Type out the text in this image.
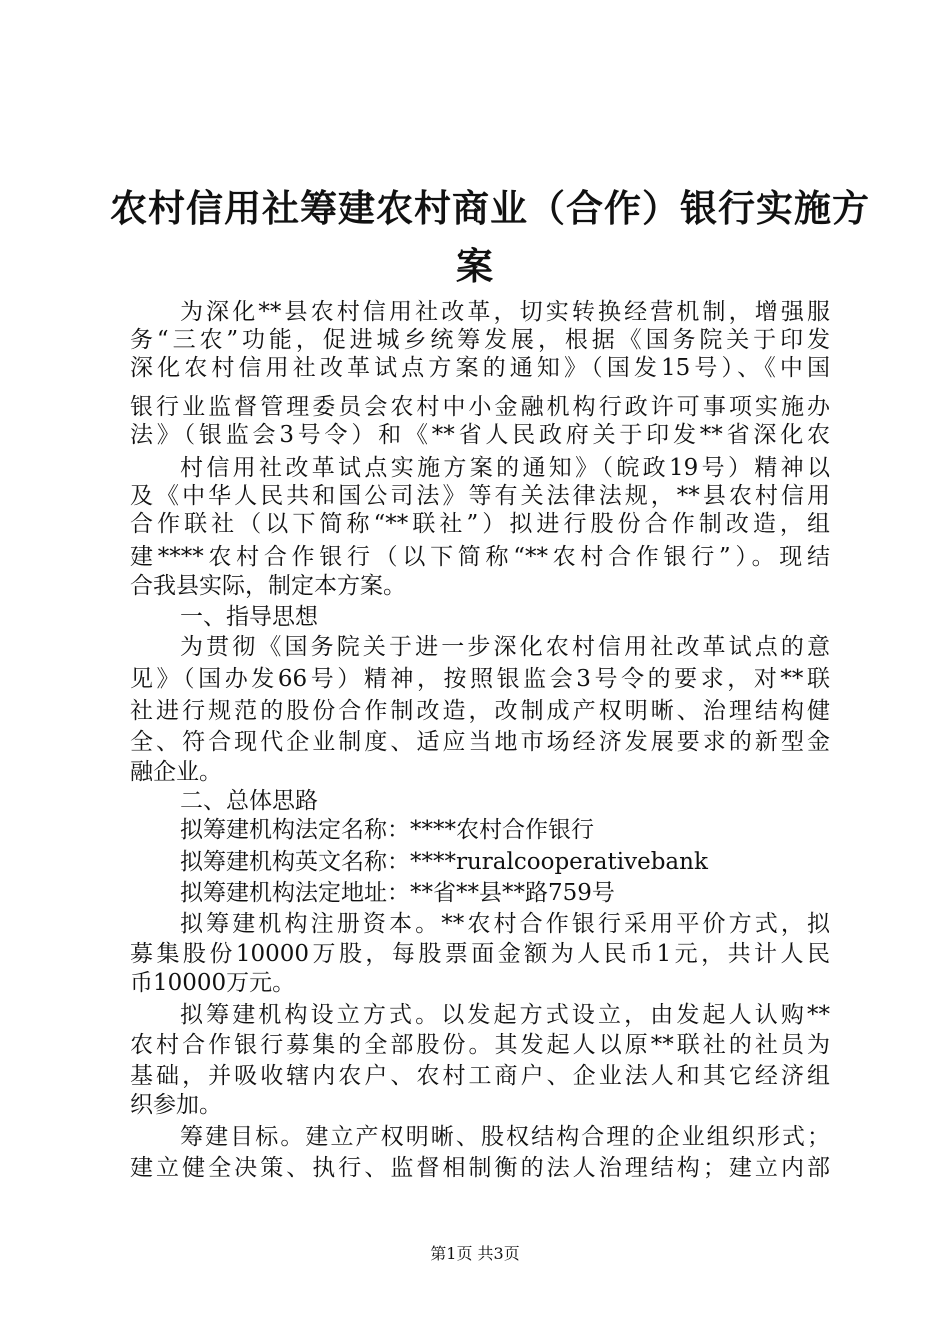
农村信用社筹建农村商业（合作）银行实施方
案
为深化**县农村信用社改革，切实转换经营机制，增强服
务“三农”功能，促进城乡统筹发展，根据《国务院关于印发
深化农村信用社改革试点方案的通知》（国发15号）、《中国
银行业监督管理委员会农村中小金融机构行政许可事项实施办
法》（银监会3号令）和《**省人民政府关于印发**省深化农
村信用社改革试点实施方案的通知》（皖政19号）精神以
及《中华人民共和国公司法》等有关法律法规，**县农村信用
合作联社（以下简称“**联社”）拟进行股份合作制改造，组
建****农村合作银行（以下简称“**农村合作银行”）。现结
合我县实际，制定本方案。
一、指导思想
为贯彻《国务院关于进一步深化农村信用社改革试点的意
见》（国办发66号）精神，按照银监会3号令的要求，对**联
社进行规范的股份合作制改造，改制成产权明晰、治理结构健
全、符合现代企业制度、适应当地市场经济发展要求的新型金
融企业。
二、总体思路
拟筹建机构法定名称：****农村合作银行
拟筹建机构英文名称：****ruralcooperativebank
拟筹建机构法定地址：**省**县**路759号
拟筹建机构注册资本。**农村合作银行采用平价方式，拟
募集股份10000万股，每股票面金额为人民币1元，共计人民
币10000万元。
拟筹建机构设立方式。以发起方式设立，由发起人认购**
农村合作银行募集的全部股份。其发起人以原**联社的社员为
基础，并吸收辖内农户、农村工商户、企业法人和其它经济组
织参加。
筹建目标。建立产权明晰、股权结构合理的企业组织形式；
建立健全决策、执行、监督相制衡的法人治理结构；建立内部
第1页 共3页
